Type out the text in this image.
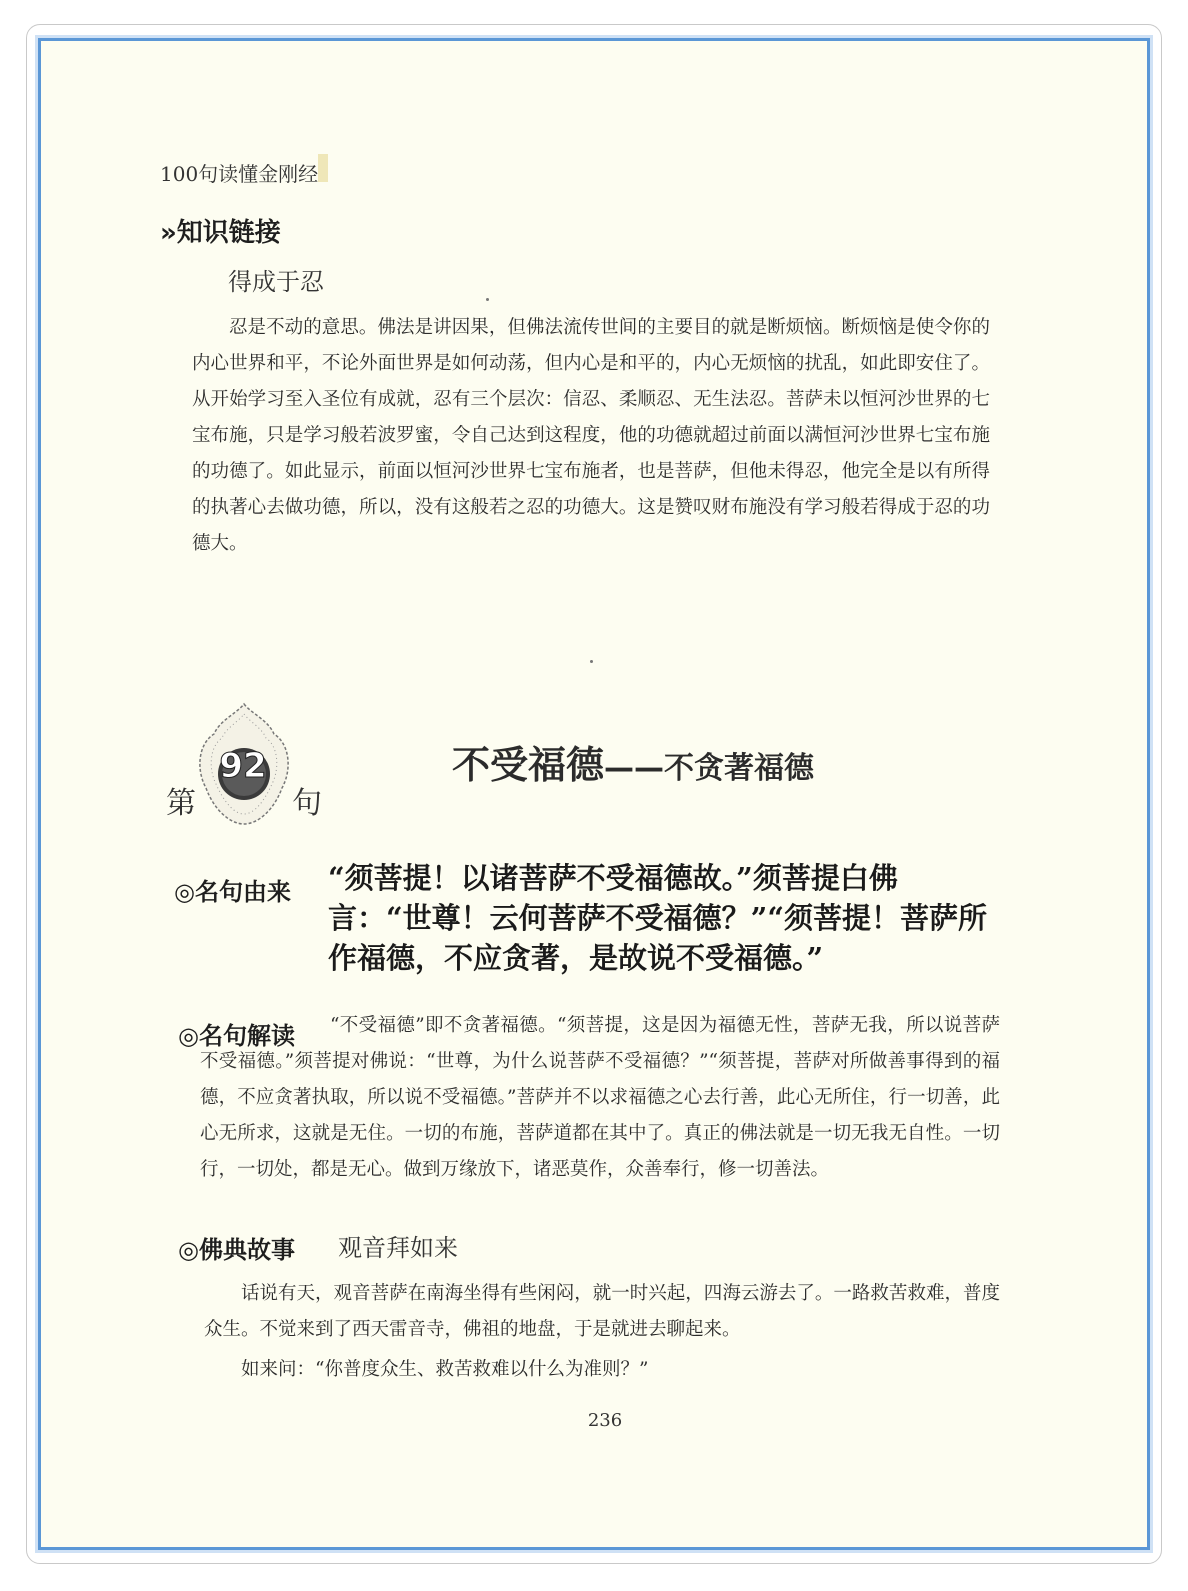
100句读懂金刚经
»知识链接
得成于忍
忍是不动的意思。佛法是讲因果，但佛法流传世间的主要目的就是断烦恼。断烦恼是使令你的内心世界和平，不论外面世界是如何动荡，但内心是和平的，内心无烦恼的扰乱，如此即安住了。从开始学习至入圣位有成就，忍有三个层次：信忍、柔顺忍、无生法忍。菩萨未以恒河沙世界的七宝布施，只是学习般若波罗蜜，令自己达到这程度，他的功德就超过前面以满恒河沙世界七宝布施的功德了。如此显示，前面以恒河沙世界七宝布施者，也是菩萨，但他未得忍，他完全是以有所得的执著心去做功德，所以，没有这般若之忍的功德大。这是赞叹财布施没有学习般若得成于忍的功德大。
第
92
句
不受福德——不贪著福德
◎名句由来 “须菩提！以诸菩萨不受福德故。”须菩提白佛言：“世尊！云何菩萨不受福德？”“须菩提！菩萨所作福德，不应贪著，是故说不受福德。”
◎名句解读	“不受福德”即不贪著福德。“须菩提，这是因为福德无性，菩萨无我，所以说菩萨不受福德。”须菩提对佛说：“世尊，为什么说菩萨不受福德？”“须菩提，菩萨对所做善事得到的福德，不应贪著执取，所以说不受福德。”菩萨并不以求福德之心去行善，此心无所住，行一切善，此心无所求，这就是无住。一切的布施，菩萨道都在其中了。真正的佛法就是一切无我无自性。一切行，一切处，都是无心。做到万缘放下，诸恶莫作，众善奉行，修一切善法。
◎佛典故事 观音拜如来
话说有天，观音菩萨在南海坐得有些闲闷，就一时兴起，四海云游去了。一路救苦救难，普度众生。不觉来到了西天雷音寺，佛祖的地盘，于是就进去聊起来。
如来问：“你普度众生、救苦救难以什么为准则？”
236
